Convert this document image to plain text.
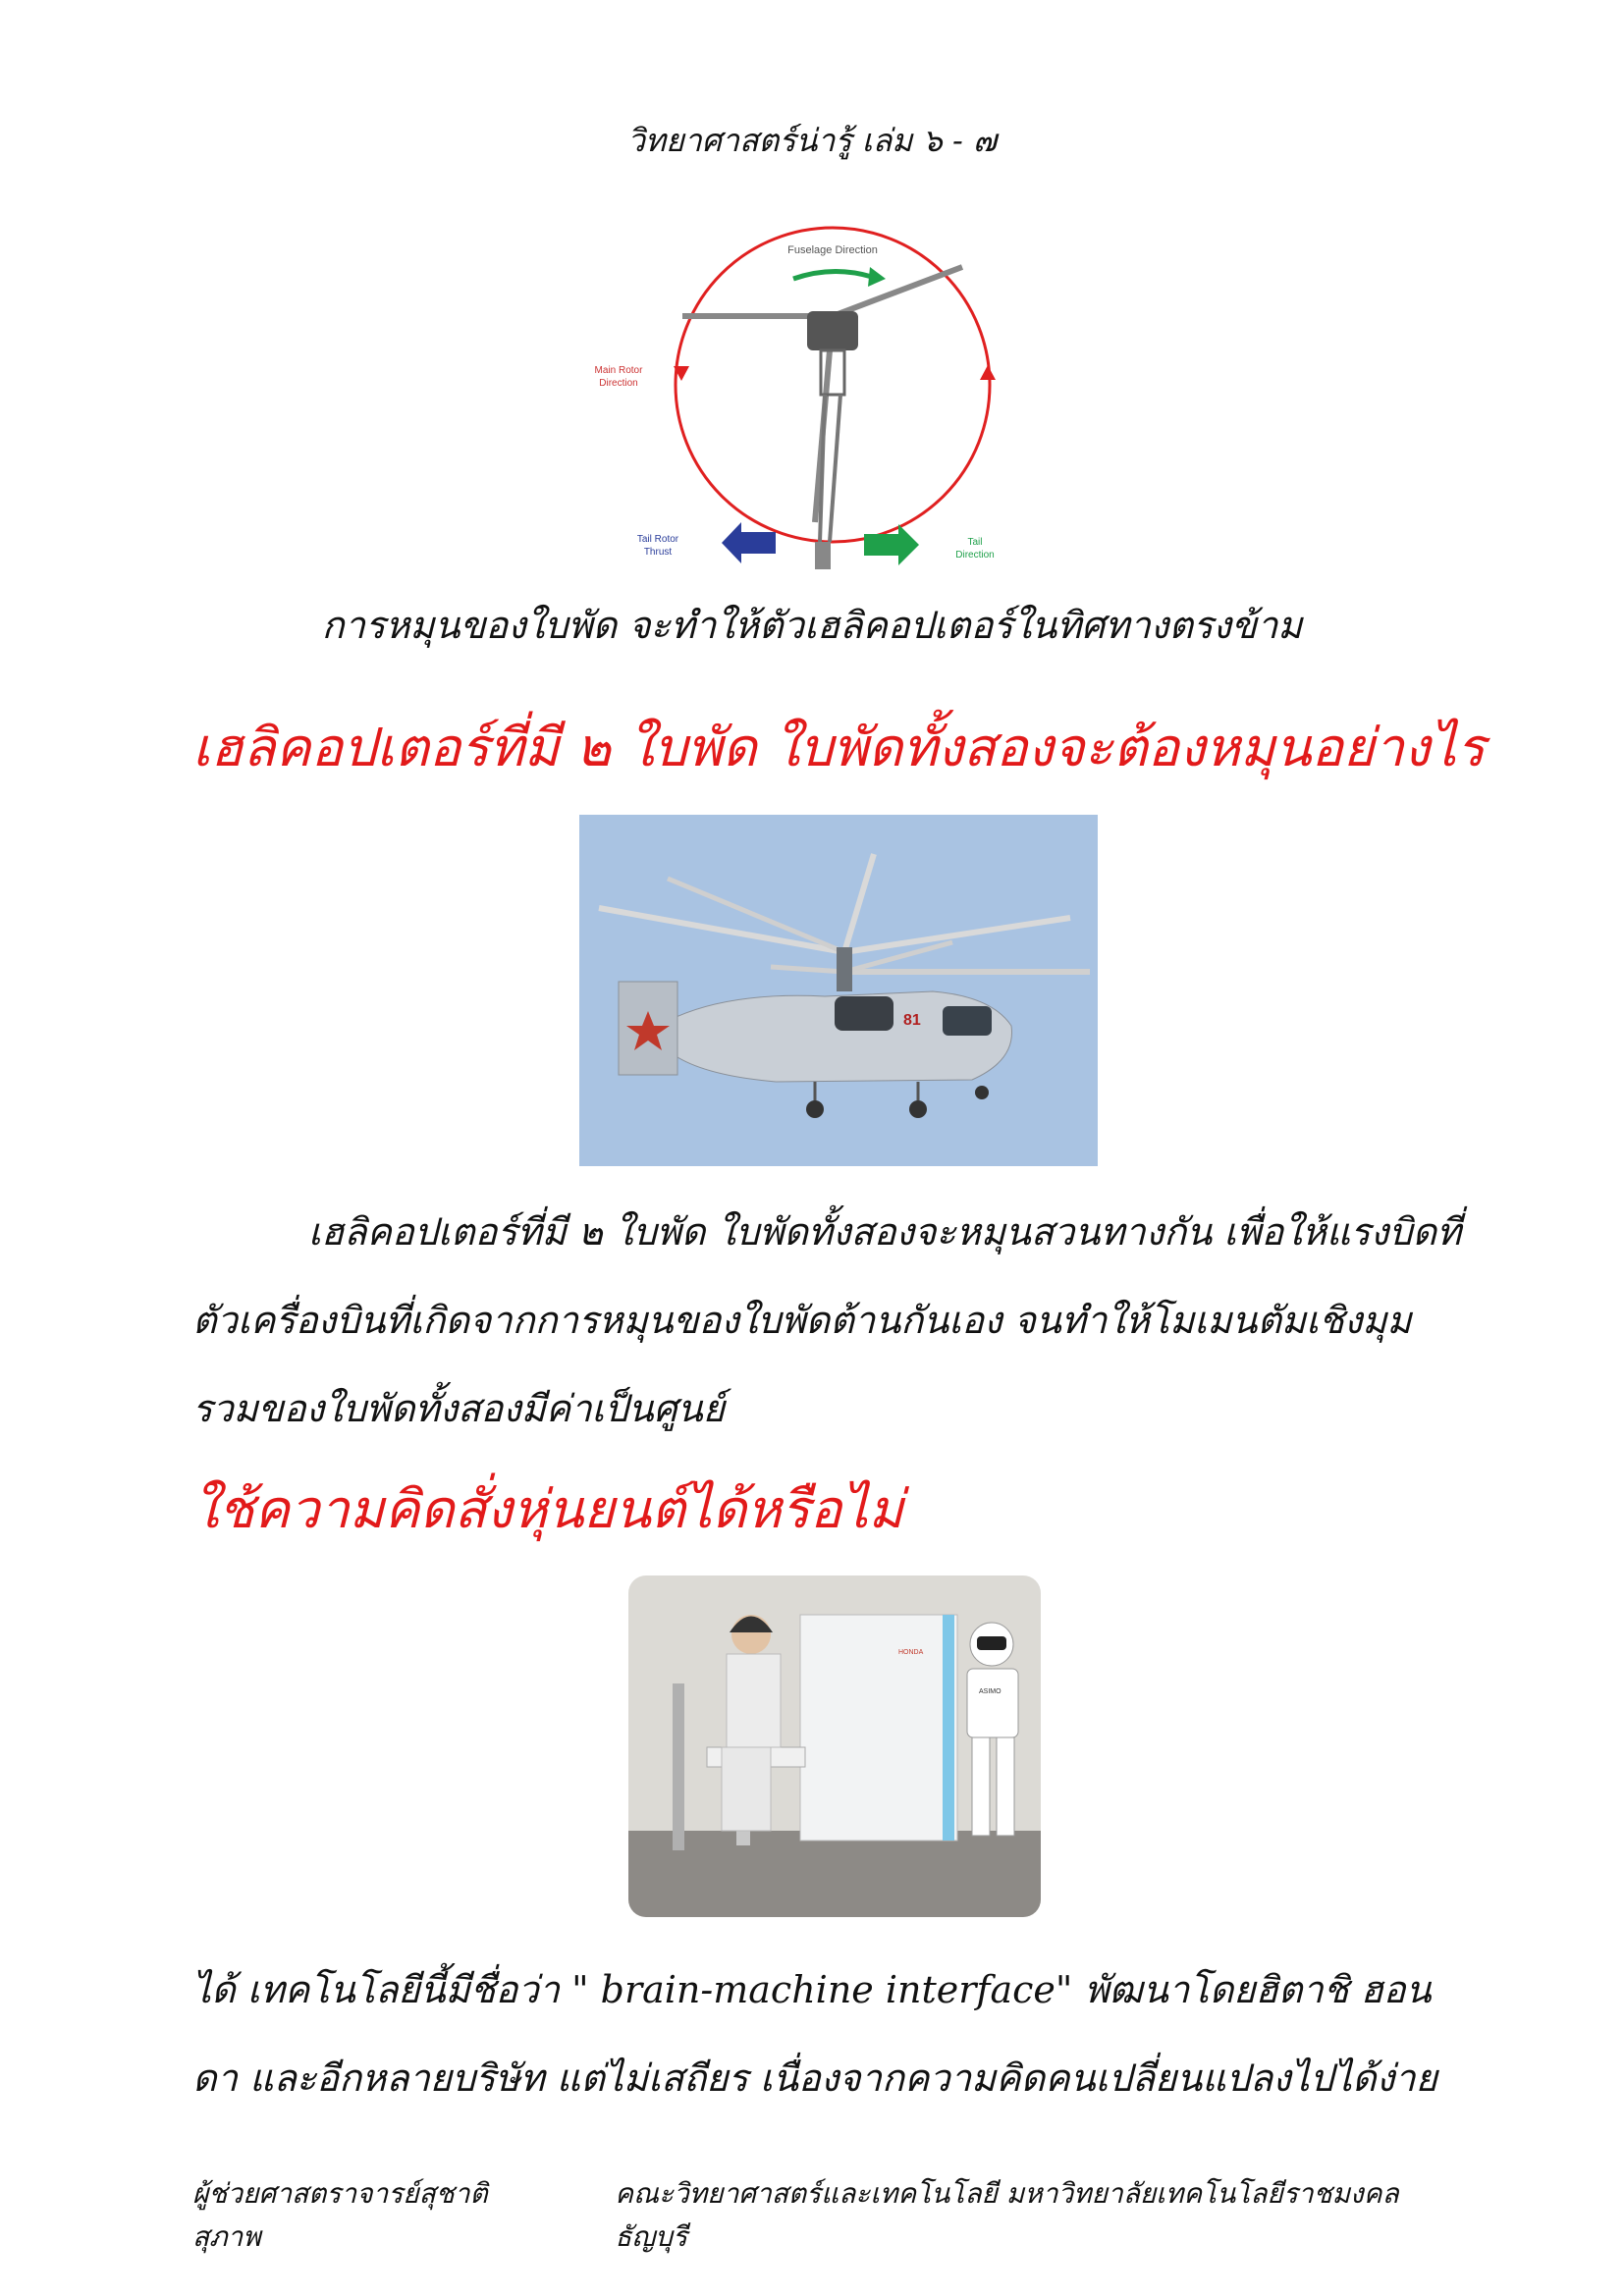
วิทยาศาสตร์น่ารู้ เล่ม ๖ - ๗
Fuselage Direction
Main Rotor
Direction
Tail Rotor
Thrust
Tail
Direction
การหมุนของใบพัด จะทำให้ตัวเฮลิคอปเตอร์ในทิศทางตรงข้าม
เฮลิคอปเตอร์ที่มี ๒ ใบพัด ใบพัดทั้งสองจะต้องหมุนอย่างไร
81
เฮลิคอปเตอร์ที่มี ๒ ใบพัด ใบพัดทั้งสองจะหมุนสวนทางกัน เพื่อให้แรงบิดที่ตัวเครื่องบินที่เกิดจากการหมุนของใบพัดต้านกันเอง จนทำให้โมเมนตัมเชิงมุมรวมของใบพัดทั้งสองมีค่าเป็นศูนย์
ใช้ความคิดสั่งหุ่นยนต์ได้หรือไม่
HONDA
ASIMO
ได้ เทคโนโลยีนี้มีชื่อว่า " brain-machine interface" พัฒนาโดยฮิตาชิ ฮอนดา และอีกหลายบริษัท แต่ไม่เสถียร เนื่องจากความคิดคนเปลี่ยนแปลงไปได้ง่าย
ผู้ช่วยศาสตราจารย์สุชาติ สุภาพ
คณะวิทยาศาสตร์และเทคโนโลยี มหาวิทยาลัยเทคโนโลยีราชมงคลธัญบุรี
